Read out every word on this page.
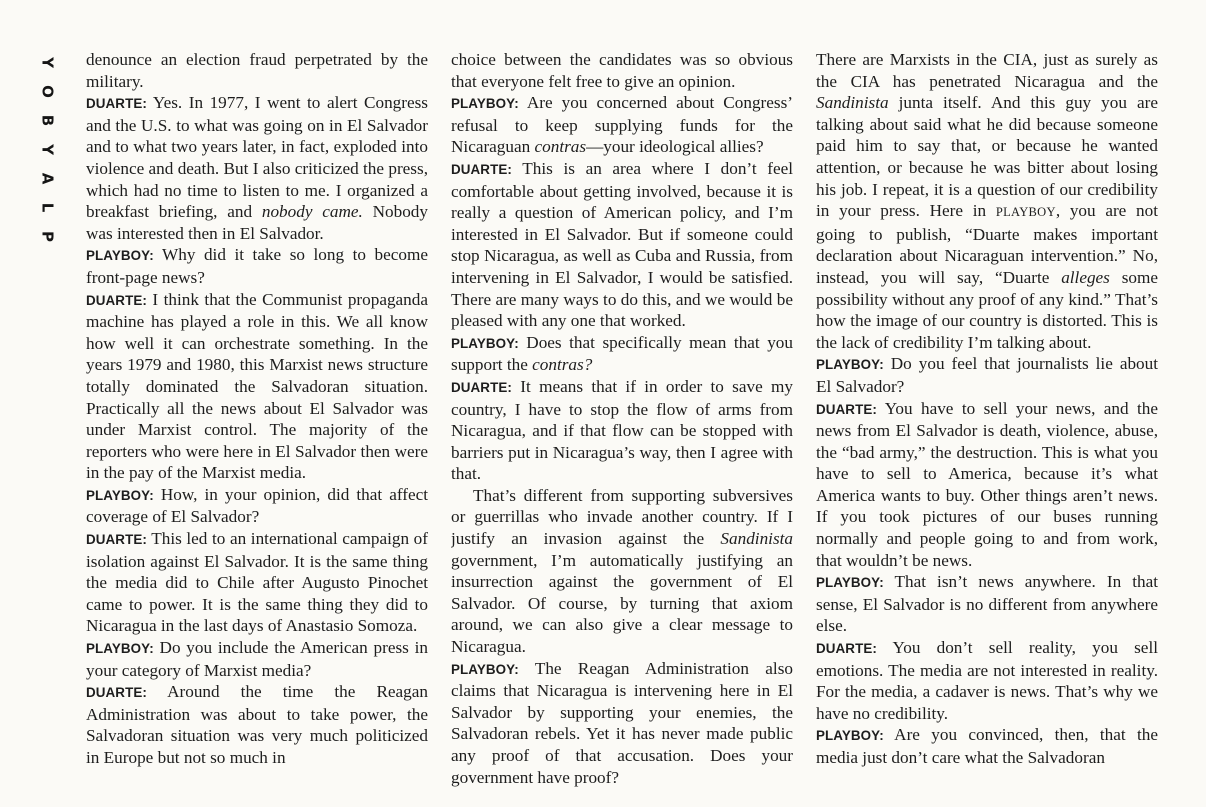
Y
O
B
Y
A
L
P

denounce an election fraud perpetrated by the military.

DUARTE: Yes. In 1977, I went to alert Congress and the U.S. to what was going on in El Salvador and to what two years later, in fact, exploded into violence and death. But I also criticized the press, which had no time to listen to me. I organized a breakfast briefing, and nobody came. Nobody was interested then in El Salvador.

PLAYBOY: Why did it take so long to become front-page news?

DUARTE: I think that the Communist propaganda machine has played a role in this. We all know how well it can orchestrate something. In the years 1979 and 1980, this Marxist news structure totally dominated the Salvadoran situation. Practically all the news about El Salvador was under Marxist control. The majority of the reporters who were here in El Salvador then were in the pay of the Marxist media.

PLAYBOY: How, in your opinion, did that affect coverage of El Salvador?

DUARTE: This led to an international campaign of isolation against El Salvador. It is the same thing the media did to Chile after Augusto Pinochet came to power. It is the same thing they did to Nicaragua in the last days of Anastasio Somoza.

PLAYBOY: Do you include the American press in your category of Marxist media?

DUARTE: Around the time the Reagan Administration was about to take power, the Salvadoran situation was very much politicized in Europe but not so much in

choice between the candidates was so obvious that everyone felt free to give an opinion.

PLAYBOY: Are you concerned about Congress’ refusal to keep supplying funds for the Nicaraguan contras—your ideological allies?

DUARTE: This is an area where I don’t feel comfortable about getting involved, because it is really a question of American policy, and I’m interested in El Salvador. But if someone could stop Nicaragua, as well as Cuba and Russia, from intervening in El Salvador, I would be satisfied. There are many ways to do this, and we would be pleased with any one that worked.

PLAYBOY: Does that specifically mean that you support the contras?

DUARTE: It means that if in order to save my country, I have to stop the flow of arms from Nicaragua, and if that flow can be stopped with barriers put in Nicaragua’s way, then I agree with that.

That’s different from supporting subversives or guerrillas who invade another country. If I justify an invasion against the Sandinista government, I’m automatically justifying an insurrection against the government of El Salvador. Of course, by turning that axiom around, we can also give a clear message to Nicaragua.

PLAYBOY: The Reagan Administration also claims that Nicaragua is intervening here in El Salvador by supporting your enemies, the Salvadoran rebels. Yet it has never made public any proof of that accusation. Does your government have proof?

There are Marxists in the CIA, just as surely as the CIA has penetrated Nicaragua and the Sandinista junta itself. And this guy you are talking about said what he did because someone paid him to say that, or because he wanted attention, or because he was bitter about losing his job. I repeat, it is a question of our credibility in your press. Here in PLAYBOY, you are not going to publish, “Duarte makes important declaration about Nicaraguan intervention.” No, instead, you will say, “Duarte alleges some possibility without any proof of any kind.” That’s how the image of our country is distorted. This is the lack of credibility I’m talking about.

PLAYBOY: Do you feel that journalists lie about El Salvador?

DUARTE: You have to sell your news, and the news from El Salvador is death, violence, abuse, the “bad army,” the destruction. This is what you have to sell to America, because it’s what America wants to buy. Other things aren’t news. If you took pictures of our buses running normally and people going to and from work, that wouldn’t be news.

PLAYBOY: That isn’t news anywhere. In that sense, El Salvador is no different from anywhere else.

DUARTE: You don’t sell reality, you sell emotions. The media are not interested in reality. For the media, a cadaver is news. That’s why we have no credibility.

PLAYBOY: Are you convinced, then, that the media just don’t care what the Salvadoran
